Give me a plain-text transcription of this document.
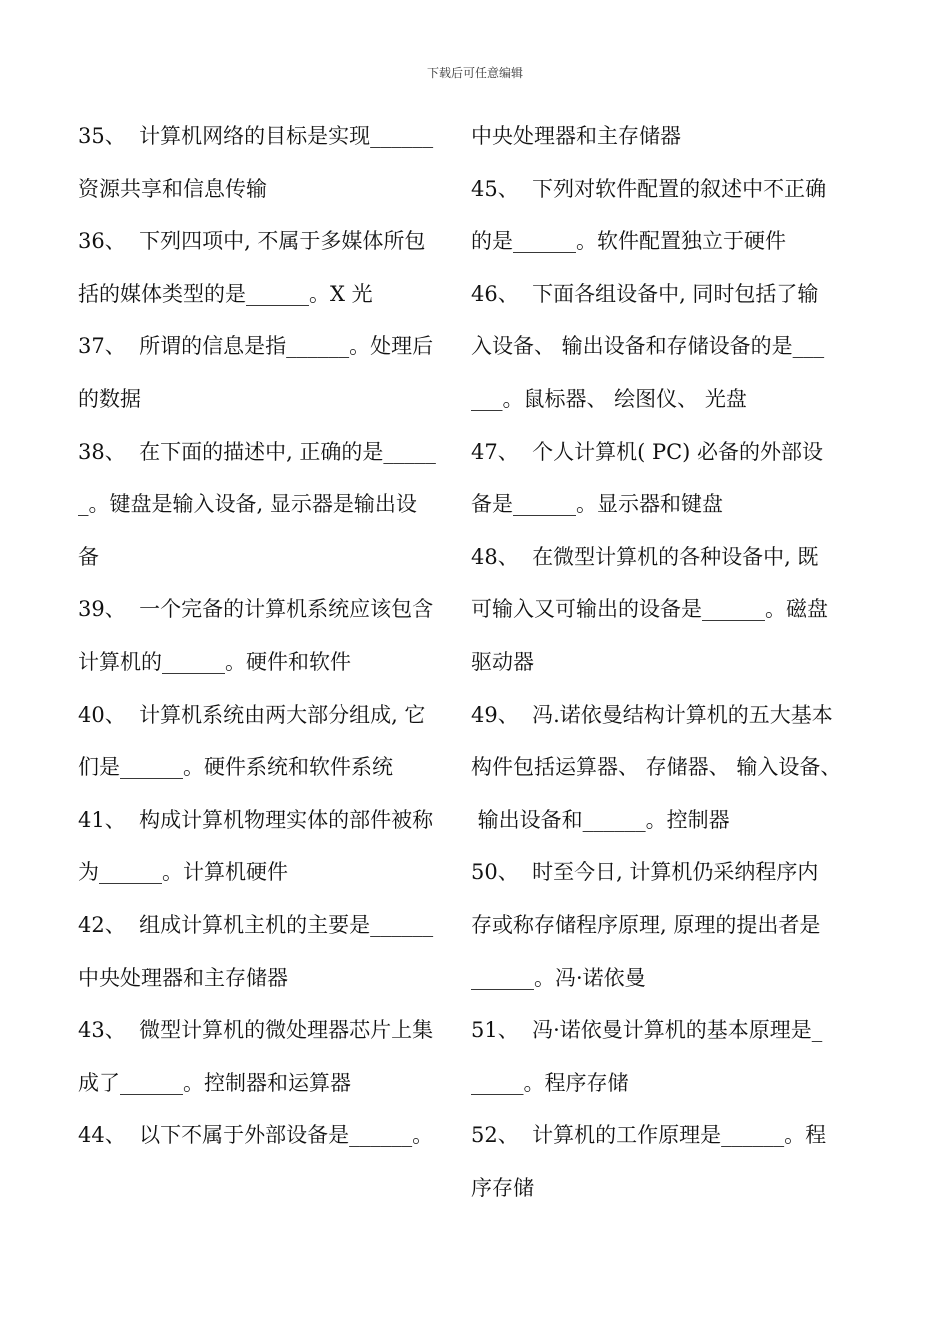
下载后可任意编辑
35、  计算机网络的目标是实现______
资源共享和信息传输
36、  下列四项中, 不属于多媒体所包
括的媒体类型的是______。X 光
37、  所谓的信息是指______。处理后
的数据
38、  在下面的描述中, 正确的是_____
_。键盘是输入设备, 显示器是输出设
备
39、  一个完备的计算机系统应该包含
计算机的______。硬件和软件
40、  计算机系统由两大部分组成, 它
们是______。硬件系统和软件系统
41、  构成计算机物理实体的部件被称
为______。计算机硬件
42、  组成计算机主机的主要是______
中央处理器和主存储器
43、  微型计算机的微处理器芯片上集
成了______。控制器和运算器
44、  以下不属于外部设备是______。
中央处理器和主存储器
45、  下列对软件配置的叙述中不正确
的是______。软件配置独立于硬件
46、  下面各组设备中, 同时包括了输
入设备、 输出设备和存储设备的是___
___。鼠标器、 绘图仪、 光盘
47、  个人计算机( PC) 必备的外部设
备是______。显示器和键盘
48、  在微型计算机的各种设备中, 既
可输入又可输出的设备是______。磁盘
驱动器
49、  冯.诺依曼结构计算机的五大基本
构件包括运算器、 存储器、 输入设备、
输出设备和______。控制器
50、  时至今日, 计算机仍采纳程序内
存或称存储程序原理, 原理的提出者是
______。冯·诺依曼
51、  冯·诺依曼计算机的基本原理是_
_____。程序存储
52、  计算机的工作原理是______。程
序存储
